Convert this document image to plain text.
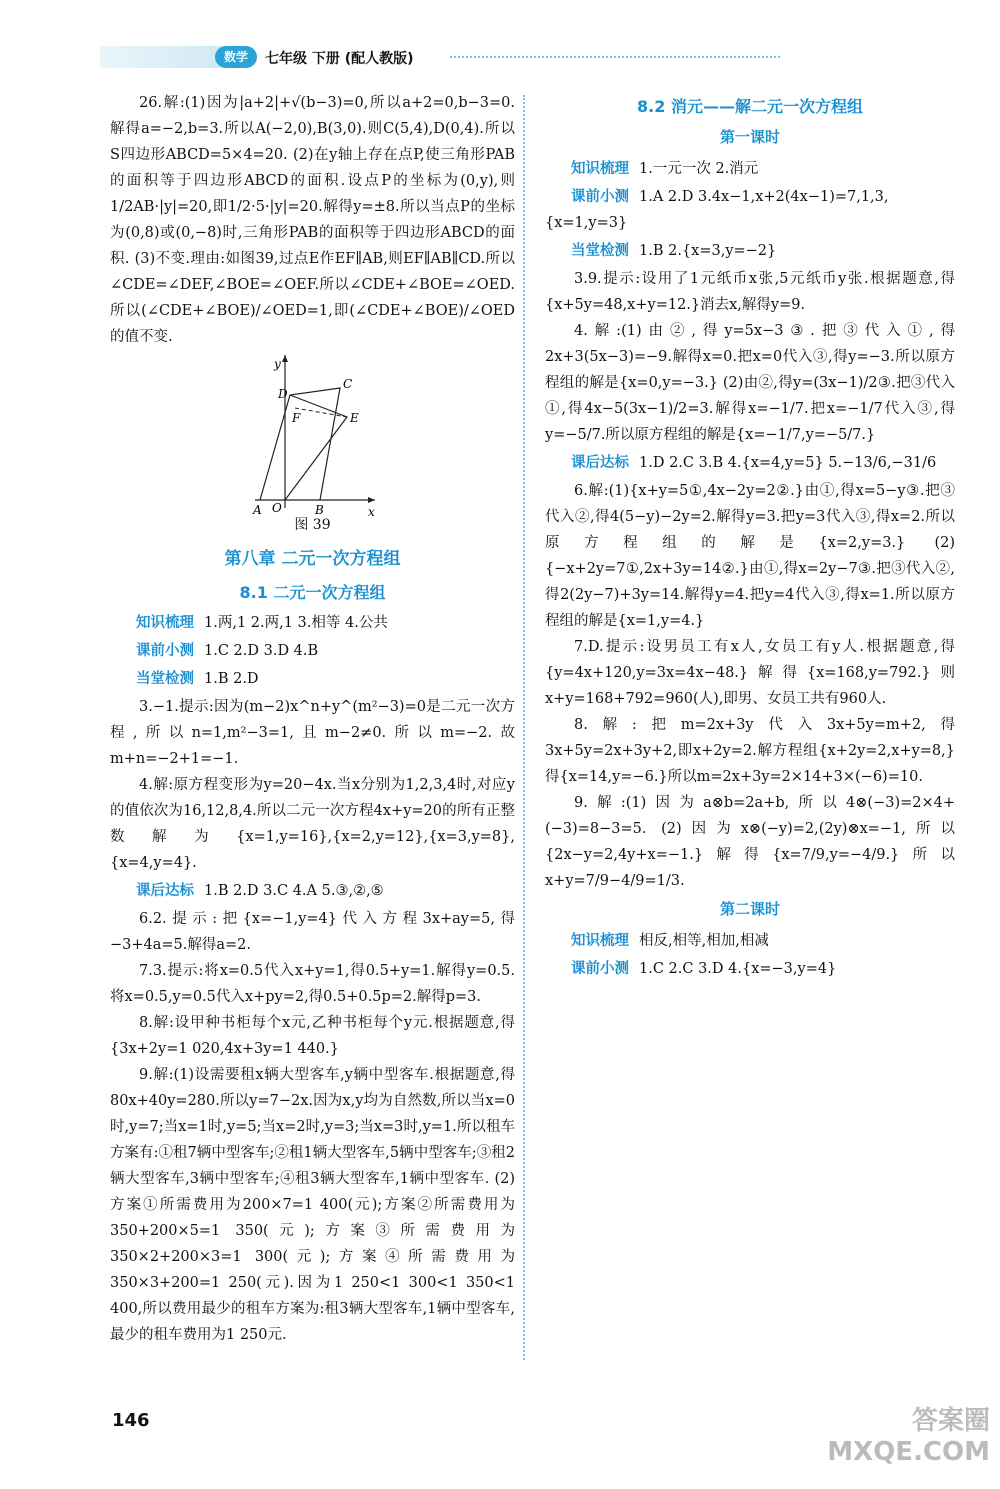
数学	七年级 下册 (配人教版)

26.解:(1)因为|a+2|+√(b−3)=0,所以a+2=0,b−3=0.解得a=−2,b=3.所以A(−2,0),B(3,0).则C(5,4),D(0,4).所以S四边形ABCD=5×4=20. (2)在y轴上存在点P,使三角形PAB的面积等于四边形ABCD的面积.设点P的坐标为(0,y),则1/2AB·|y|=20,即1/2·5·|y|=20.解得y=±8.所以当点P的坐标为(0,8)或(0,−8)时,三角形PAB的面积等于四边形ABCD的面积. (3)不变.理由:如图39,过点E作EF∥AB,则EF∥AB∥CD.所以∠CDE=∠DEF,∠BOE=∠OEF.所以∠CDE+∠BOE=∠OED.所以(∠CDE+∠BOE)/∠OED=1,即(∠CDE+∠BOE)/∠OED的值不变.

y
x
D
C
F	E
A O	B
图 39
第八章 二元一次方程组
8.1 二元一次方程组
知识梳理 1.两,1 2.两,1 3.相等 4.公共
课前小测 1.C 2.D 3.D 4.B
当堂检测 1.B 2.D

3.−1.提示:因为(m−2)x^n+y^(m²−3)=0是二元一次方程,所以n=1,m²−3=1,且m−2≠0.所以m=−2.故m+n=−2+1=−1.

4.解:原方程变形为y=20−4x.当x分别为1,2,3,4时,对应y的值依次为16,12,8,4.所以二元一次方程4x+y=20的所有正整数解为{x=1,y=16},{x=2,y=12},{x=3,y=8},{x=4,y=4}.

课后达标 1.B 2.D 3.C 4.A 5.③,②,⑤

6.2.提示:把{x=−1,y=4}代入方程3x+ay=5,得−3+4a=5.解得a=2.

7.3.提示:将x=0.5代入x+y=1,得0.5+y=1.解得y=0.5.将x=0.5,y=0.5代入x+py=2,得0.5+0.5p=2.解得p=3.

8.解:设甲种书柜每个x元,乙种书柜每个y元.根据题意,得{3x+2y=1 020,4x+3y=1 440.}

9.解:(1)设需要租x辆大型客车,y辆中型客车.根据题意,得80x+40y=280.所以y=7−2x.因为x,y均为自然数,所以当x=0时,y=7;当x=1时,y=5;当x=2时,y=3;当x=3时,y=1.所以租车方案有:①租7辆中型客车;②租1辆大型客车,5辆中型客车;③租2辆大型客车,3辆中型客车;④租3辆大型客车,1辆中型客车. (2)方案①所需费用为200×7=1 400(元);方案②所需费用为350+200×5=1 350(元);方案③所需费用为350×2+200×3=1 300(元);方案④所需费用为350×3+200=1 250(元).因为1 250<1 300<1 350<1 400,所以费用最少的租车方案为:租3辆大型客车,1辆中型客车,最少的租车费用为1 250元.

8.2 消元——解二元一次方程组
第一课时
知识梳理 1.一元一次 2.消元
课前小测 1.A 2.D 3.4x−1,x+2(4x−1)=7,1,3,{x=1,y=3}
当堂检测 1.B 2.{x=3,y=−2}

3.9.提示:设用了1元纸币x张,5元纸币y张.根据题意,得{x+5y=48,x+y=12.}消去x,解得y=9.

4.解:(1)由②,得y=5x−3③.把③代入①,得2x+3(5x−3)=−9.解得x=0.把x=0代入③,得y=−3.所以原方程组的解是{x=0,y=−3.} (2)由②,得y=(3x−1)/2③.把③代入①,得4x−5(3x−1)/2=3.解得x=−1/7.把x=−1/7代入③,得y=−5/7.所以原方程组的解是{x=−1/7,y=−5/7.}

课后达标 1.D 2.C 3.B 4.{x=4,y=5} 5.−13/6,−31/6

6.解:(1){x+y=5①,4x−2y=2②.}由①,得x=5−y③.把③代入②,得4(5−y)−2y=2.解得y=3.把y=3代入③,得x=2.所以原方程组的解是{x=2,y=3.} (2){−x+2y=7①,2x+3y=14②.}由①,得x=2y−7③.把③代入②,得2(2y−7)+3y=14.解得y=4.把y=4代入③,得x=1.所以原方程组的解是{x=1,y=4.}

7.D.提示:设男员工有x人,女员工有y人.根据题意,得{y=4x+120,y=3x=4x−48.}解得{x=168,y=792.}则x+y=168+792=960(人),即男、女员工共有960人.

8.解:把m=2x+3y代入3x+5y=m+2,得3x+5y=2x+3y+2,即x+2y=2.解方程组{x+2y=2,x+y=8,}得{x=14,y=−6.}所以m=2x+3y=2×14+3×(−6)=10.

9.解:(1)因为a⊗b=2a+b,所以4⊗(−3)=2×4+(−3)=8−3=5. (2)因为x⊗(−y)=2,(2y)⊗x=−1,所以{2x−y=2,4y+x=−1.}解得{x=7/9,y=−4/9.}所以x+y=7/9−4/9=1/3.

第二课时
知识梳理 相反,相等,相加,相减
课前小测 1.C 2.C 3.D 4.{x=−3,y=4}
146	答案圈 MXQE.COM
